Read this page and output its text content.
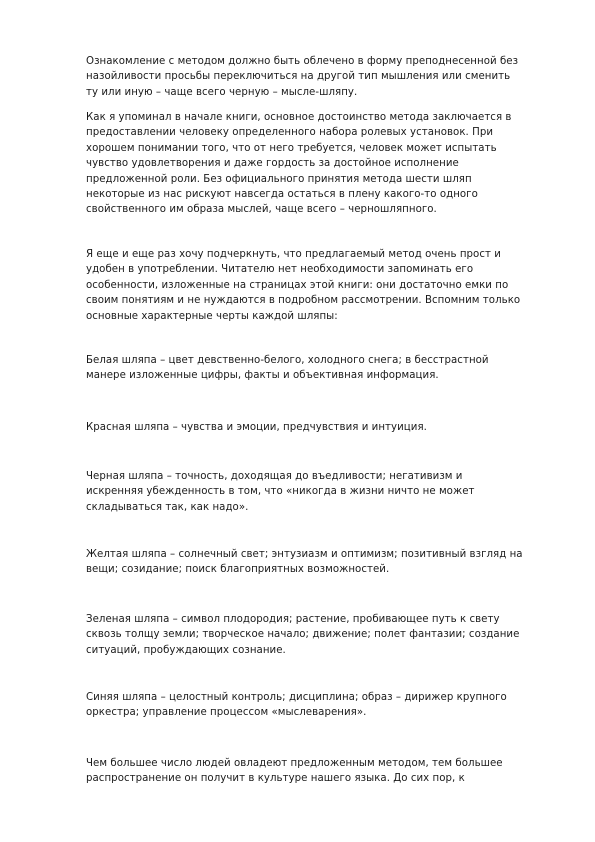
Ознакомление с методом должно быть облечено в форму преподнесенной без
назойливости просьбы переключиться на другой тип мышления или сменить
ту или иную – чаще всего черную – мысле-шляпу.
Как я упоминал в начале книги, основное достоинство метода заключается в
предоставлении человеку определенного набора ролевых установок. При
хорошем понимании того, что от него требуется, человек может испытать
чувство удовлетворения и даже гордость за достойное исполнение
предложенной роли. Без официального принятия метода шести шляп
некоторые из нас рискуют навсегда остаться в плену какого-то одного
свойственного им образа мыслей, чаще всего – черношляпного.
Я еще и еще раз хочу подчеркнуть, что предлагаемый метод очень прост и
удобен в употреблении. Читателю нет необходимости запоминать его
особенности, изложенные на страницах этой книги: они достаточно емки по
своим понятиям и не нуждаются в подробном рассмотрении. Вспомним только
основные характерные черты каждой шляпы:
Белая шляпа – цвет девственно-белого, холодного снега; в бесстрастной
манере изложенные цифры, факты и объективная информация.
Красная шляпа – чувства и эмоции, предчувствия и интуиция.
Черная шляпа – точность, доходящая до въедливости; негативизм и
искренняя убежденность в том, что «никогда в жизни ничто не может
складываться так, как надо».
Желтая шляпа – солнечный свет; энтузиазм и оптимизм; позитивный взгляд на
вещи; созидание; поиск благоприятных возможностей.
Зеленая шляпа – символ плодородия; растение, пробивающее путь к свету
сквозь толщу земли; творческое начало; движение; полет фантазии; создание
ситуаций, пробуждающих сознание.
Синяя шляпа – целостный контроль; дисциплина; образ – дирижер крупного
оркестра; управление процессом «мыслеварения».
Чем большее число людей овладеют предложенным методом, тем большее
распространение он получит в культуре нашего языка. До сих пор, к
